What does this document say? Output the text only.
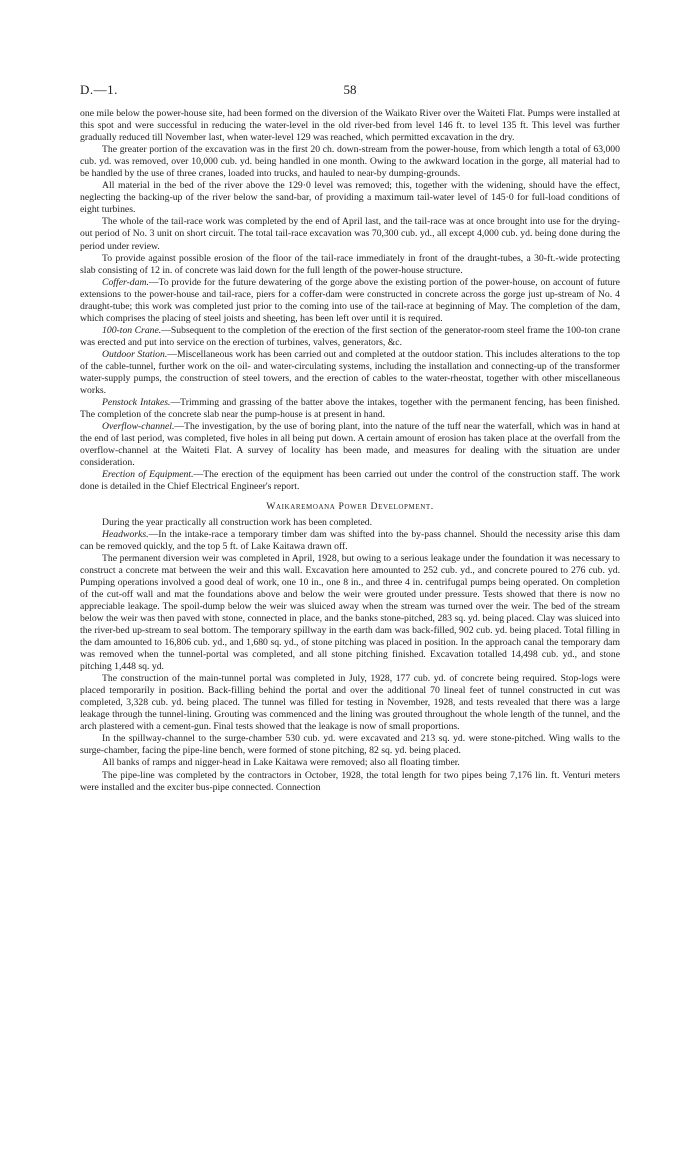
D.—1.	58

one mile below the power-house site, had been formed on the diversion of the Waikato River over the Waiteti Flat. Pumps were installed at this spot and were successful in reducing the water-level in the old river-bed from level 146 ft. to level 135 ft. This level was further gradually reduced till November last, when water-level 129 was reached, which permitted excavation in the dry.

The greater portion of the excavation was in the first 20 ch. down-stream from the power-house, from which length a total of 63,000 cub. yd. was removed, over 10,000 cub. yd. being handled in one month. Owing to the awkward location in the gorge, all material had to be handled by the use of three cranes, loaded into trucks, and hauled to near-by dumping-grounds.

All material in the bed of the river above the 129·0 level was removed; this, together with the widening, should have the effect, neglecting the backing-up of the river below the sand-bar, of providing a maximum tail-water level of 145·0 for full-load conditions of eight turbines.

The whole of the tail-race work was completed by the end of April last, and the tail-race was at once brought into use for the drying-out period of No. 3 unit on short circuit. The total tail-race excavation was 70,300 cub. yd., all except 4,000 cub. yd. being done during the period under review.

To provide against possible erosion of the floor of the tail-race immediately in front of the draught-tubes, a 30-ft.-wide protecting slab consisting of 12 in. of concrete was laid down for the full length of the power-house structure.

Coffer-dam.—To provide for the future dewatering of the gorge above the existing portion of the power-house, on account of future extensions to the power-house and tail-race, piers for a coffer-dam were constructed in concrete across the gorge just up-stream of No. 4 draught-tube; this work was completed just prior to the coming into use of the tail-race at beginning of May. The completion of the dam, which comprises the placing of steel joists and sheeting, has been left over until it is required.

100-ton Crane.—Subsequent to the completion of the erection of the first section of the generator-room steel frame the 100-ton crane was erected and put into service on the erection of turbines, valves, generators, &c.

Outdoor Station.—Miscellaneous work has been carried out and completed at the outdoor station. This includes alterations to the top of the cable-tunnel, further work on the oil- and water-circulating systems, including the installation and connecting-up of the transformer water-supply pumps, the construction of steel towers, and the erection of cables to the water-rheostat, together with other miscellaneous works.

Penstock Intakes.—Trimming and grassing of the batter above the intakes, together with the permanent fencing, has been finished. The completion of the concrete slab near the pump-house is at present in hand.

Overflow-channel.—The investigation, by the use of boring plant, into the nature of the tuff near the waterfall, which was in hand at the end of last period, was completed, five holes in all being put down. A certain amount of erosion has taken place at the overfall from the overflow-channel at the Waiteti Flat. A survey of locality has been made, and measures for dealing with the situation are under consideration.

Erection of Equipment.—The erection of the equipment has been carried out under the control of the construction staff. The work done is detailed in the Chief Electrical Engineer's report.

Waikaremoana Power Development.

During the year practically all construction work has been completed.

Headworks.—In the intake-race a temporary timber dam was shifted into the by-pass channel. Should the necessity arise this dam can be removed quickly, and the top 5 ft. of Lake Kaitawa drawn off.

The permanent diversion weir was completed in April, 1928, but owing to a serious leakage under the foundation it was necessary to construct a concrete mat between the weir and this wall. Excavation here amounted to 252 cub. yd., and concrete poured to 276 cub. yd. Pumping operations involved a good deal of work, one 10 in., one 8 in., and three 4 in. centrifugal pumps being operated. On completion of the cut-off wall and mat the foundations above and below the weir were grouted under pressure. Tests showed that there is now no appreciable leakage. The spoil-dump below the weir was sluiced away when the stream was turned over the weir. The bed of the stream below the weir was then paved with stone, connected in place, and the banks stone-pitched, 283 sq. yd. being placed. Clay was sluiced into the river-bed up-stream to seal bottom. The temporary spillway in the earth dam was back-filled, 902 cub. yd. being placed. Total filling in the dam amounted to 16,806 cub. yd., and 1,680 sq. yd., of stone pitching was placed in position. In the approach canal the temporary dam was removed when the tunnel-portal was completed, and all stone pitching finished. Excavation totalled 14,498 cub. yd., and stone pitching 1,448 sq. yd.

The construction of the main-tunnel portal was completed in July, 1928, 177 cub. yd. of concrete being required. Stop-logs were placed temporarily in position. Back-filling behind the portal and over the additional 70 lineal feet of tunnel constructed in cut was completed, 3,328 cub. yd. being placed. The tunnel was filled for testing in November, 1928, and tests revealed that there was a large leakage through the tunnel-lining. Grouting was commenced and the lining was grouted throughout the whole length of the tunnel, and the arch plastered with a cement-gun. Final tests showed that the leakage is now of small proportions.

In the spillway-channel to the surge-chamber 530 cub. yd. were excavated and 213 sq. yd. were stone-pitched. Wing walls to the surge-chamber, facing the pipe-line bench, were formed of stone pitching, 82 sq. yd. being placed.

All banks of ramps and nigger-head in Lake Kaitawa were removed; also all floating timber.

The pipe-line was completed by the contractors in October, 1928, the total length for two pipes being 7,176 lin. ft. Venturi meters were installed and the exciter bus-pipe connected. Connection
